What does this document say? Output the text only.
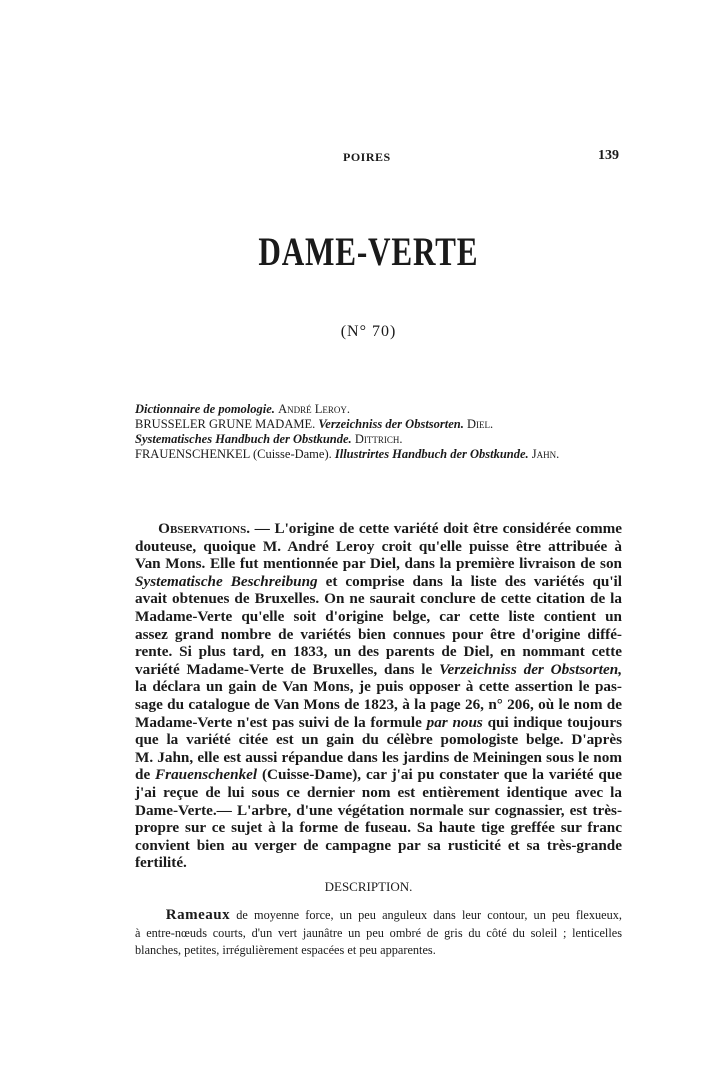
POIRES	139
DAME-VERTE
(N° 70)
Dictionnaire de pomologie. André Leroy.
BRUSSELER GRUNE MADAME. Verzeichniss der Obstsorten. Diel.
Systematisches Handbuch der Obstkunde. Dittrich.
FRAUENSCHENKEL (Cuisse-Dame). Illustrirtes Handbuch der Obstkunde. Jahn.
Observations. — L'origine de cette variété doit être considérée comme
douteuse, quoique M. André Leroy croit qu'elle puisse être attribuée à
Van Mons. Elle fut mentionnée par Diel, dans la première livraison de son
Systematische Beschreibung et comprise dans la liste des variétés qu'il
avait obtenues de Bruxelles. On ne saurait conclure de cette citation de la
Madame-Verte qu'elle soit d'origine belge, car cette liste contient un
assez grand nombre de variétés bien connues pour être d'origine diffé-
rente. Si plus tard, en 1833, un des parents de Diel, en nommant cette
variété Madame-Verte de Bruxelles, dans le Verzeichniss der Obstsorten,
la déclara un gain de Van Mons, je puis opposer à cette assertion le pas-
sage du catalogue de Van Mons de 1823, à la page 26, n° 206, où le nom de
Madame-Verte n'est pas suivi de la formule par nous qui indique toujours
que la variété citée est un gain du célèbre pomologiste belge. D'après
M. Jahn, elle est aussi répandue dans les jardins de Meiningen sous le nom
de Frauenschenkel (Cuisse-Dame), car j'ai pu constater que la variété que
j'ai reçue de lui sous ce dernier nom est entièrement identique avec la
Dame-Verte.— L'arbre, d'une végétation normale sur cognassier, est très-
propre sur ce sujet à la forme de fuseau. Sa haute tige greffée sur franc
convient bien au verger de campagne par sa rusticité et sa très-grande
fertilité.
DESCRIPTION.
Rameaux de moyenne force, un peu anguleux dans leur contour, un peu flexueux,
à entre-nœuds courts, d'un vert jaunâtre un peu ombré de gris du côté du soleil ; lenticelles
blanches, petites, irrégulièrement espacées et peu apparentes.
